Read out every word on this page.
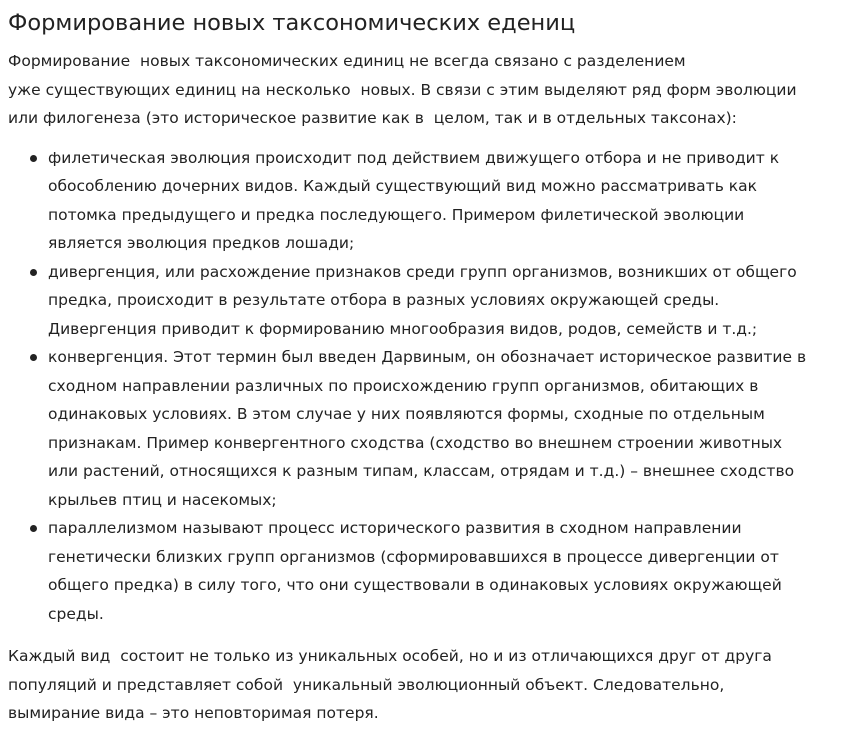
Формирование новых таксономических едениц

Формирование  новых таксономических единиц не всегда связано с разделением
уже существующих единиц на несколько  новых. В связи с этим выделяют ряд форм эволюции
или филогенеза (это историческое развитие как в  целом, так и в отдельных таксонах):

филетическая эволюция происходит под действием движущего отбора и не приводит к
обособлению дочерних видов. Каждый существующий вид можно рассматривать как
потомка предыдущего и предка последующего. Примером филетической эволюции
является эволюция предков лошади;
дивергенция, или расхождение признаков среди групп организмов, возникших от общего
предка, происходит в результате отбора в разных условиях окружающей среды.
Дивергенция приводит к формированию многообразия видов, родов, семейств и т.д.;
конвергенция. Этот термин был введен Дарвиным, он обозначает историческое развитие в
сходном направлении различных по происхождению групп организмов, обитающих в
одинаковых условиях. В этом случае у них появляются формы, сходные по отдельным
признакам. Пример конвергентного сходства (сходство во внешнем строении животных
или растений, относящихся к разным типам, классам, отрядам и т.д.) – внешнее сходство
крыльев птиц и насекомых;
параллелизмом называют процесс исторического развития в сходном направлении
генетически близких групп организмов (сформировавшихся в процессе дивергенции от
общего предка) в силу того, что они существовали в одинаковых условиях окружающей
среды.

Каждый вид  состоит не только из уникальных особей, но и из отличающихся друг от друга
популяций и представляет собой  уникальный эволюционный объект. Следовательно,
вымирание вида – это неповторимая потеря.
